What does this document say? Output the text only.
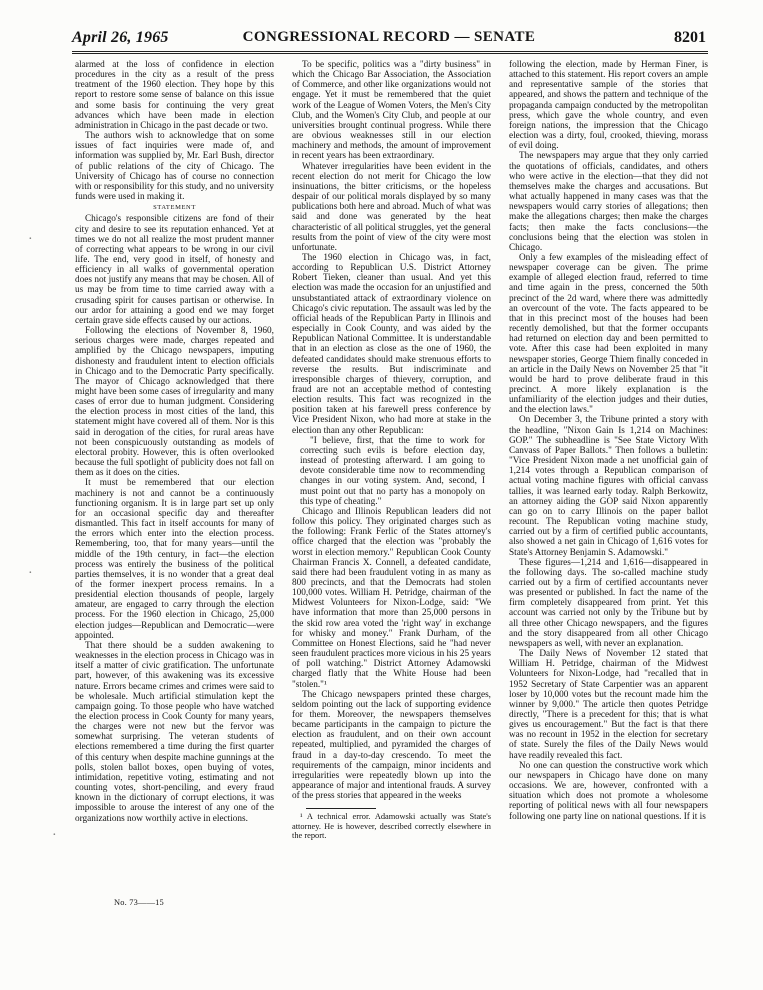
April 26, 1965	CONGRESSIONAL RECORD — SENATE	8201

alarmed at the loss of confidence in election procedures in the city as a result of the press treatment of the 1960 election. They hope by this report to restore some sense of balance on this issue and some basis for continuing the very great advances which have been made in election administration in Chicago in the past decade or two.

The authors wish to acknowledge that on some issues of fact inquiries were made of, and information was supplied by, Mr. Earl Bush, director of public relations of the city of Chicago. The University of Chicago has of course no connection with or responsibility for this study, and no university funds were used in making it.

STATEMENT

Chicago's responsible citizens are fond of their city and desire to see its reputation enhanced. Yet at times we do not all realize the most prudent manner of correcting what appears to be wrong in our civil life. The end, very good in itself, of honesty and efficiency in all walks of governmental operation does not justify any means that may be chosen. All of us may be from time to time carried away with a crusading spirit for causes partisan or otherwise. In our ardor for attaining a good end we may forget certain grave side effects caused by our actions.

Following the elections of November 8, 1960, serious charges were made, charges repeated and amplified by the Chicago newspapers, imputing dishonesty and fraudulent intent to election officials in Chicago and to the Democratic Party specifically. The mayor of Chicago acknowledged that there might have been some cases of irregularity and many cases of error due to human judgment. Considering the election process in most cities of the land, this statement might have covered all of them. Nor is this said in derogation of the cities, for rural areas have not been conspicuously outstanding as models of electoral probity. However, this is often overlooked because the full spotlight of publicity does not fall on them as it does on the cities.

It must be remembered that our election machinery is not and cannot be a continuously functioning organism. It is in large part set up only for an occasional specific day and thereafter dismantled. This fact in itself accounts for many of the errors which enter into the election process. Remembering, too, that for many years—until the middle of the 19th century, in fact—the election process was entirely the business of the political parties themselves, it is no wonder that a great deal of the former inexpert process remains. In a presidential election thousands of people, largely amateur, are engaged to carry through the election process. For the 1960 election in Chicago, 25,000 election judges—Republican and Democratic—were appointed.

That there should be a sudden awakening to weaknesses in the election process in Chicago was in itself a matter of civic gratification. The unfortunate part, however, of this awakening was its excessive nature. Errors became crimes and crimes were said to be wholesale. Much artificial stimulation kept the campaign going. To those people who have watched the election process in Cook County for many years, the charges were not new but the fervor was somewhat surprising. The veteran students of elections remembered a time during the first quarter of this century when despite machine gunnings at the polls, stolen ballot boxes, open buying of votes, intimidation, repetitive voting, estimating and not counting votes, short-penciling, and every fraud known in the dictionary of corrupt elections, it was impossible to arouse the interest of any one of the organizations now worthily active in elections.

To be specific, politics was a "dirty business" in which the Chicago Bar Association, the Association of Commerce, and other like organizations would not engage. Yet it must be remembered that the quiet work of the League of Women Voters, the Men's City Club, and the Women's City Club, and people at our universities brought continual progress. While there are obvious weaknesses still in our election machinery and methods, the amount of improvement in recent years has been extraordinary.

Whatever irregularities have been evident in the recent election do not merit for Chicago the low insinuations, the bitter criticisms, or the hopeless despair of our political morals displayed by so many publications both here and abroad. Much of what was said and done was generated by the heat characteristic of all political struggles, yet the general results from the point of view of the city were most unfortunate.

The 1960 election in Chicago was, in fact, according to Republican U.S. District Attorney Robert Tieken, cleaner than usual. And yet this election was made the occasion for an unjustified and unsubstantiated attack of extraordinary violence on Chicago's civic reputation. The assault was led by the official heads of the Republican Party in Illinois and especially in Cook County, and was aided by the Republican National Committee. It is understandable that in an election as close as the one of 1960, the defeated candidates should make strenuous efforts to reverse the results. But indiscriminate and irresponsible charges of thievery, corruption, and fraud are not an acceptable method of contesting election results. This fact was recognized in the position taken at his farewell press conference by Vice President Nixon, who had more at stake in the election than any other Republican:

"I believe, first, that the time to work for correcting such evils is before election day, instead of protesting afterward. I am going to devote considerable time now to recommending changes in our voting system. And, second, I must point out that no party has a monopoly on this type of cheating."

Chicago and Illinois Republican leaders did not follow this policy. They originated charges such as the following: Frank Ferlic of the States attorney's office charged that the election was "probably the worst in election memory." Republican Cook County Chairman Francis X. Connell, a defeated candidate, said there had been fraudulent voting in as many as 800 precincts, and that the Democrats had stolen 100,000 votes. William H. Petridge, chairman of the Midwest Volunteers for Nixon-Lodge, said: "We have information that more than 25,000 persons in the skid row area voted the 'right way' in exchange for whisky and money." Frank Durham, of the Committee on Honest Elections, said he "had never seen fraudulent practices more vicious in his 25 years of poll watching." District Attorney Adamowski charged flatly that the White House had been "stolen."¹

The Chicago newspapers printed these charges, seldom pointing out the lack of supporting evidence for them. Moreover, the newspapers themselves became participants in the campaign to picture the election as fraudulent, and on their own account repeated, multiplied, and pyramided the charges of fraud in a day-to-day crescendo. To meet the requirements of the campaign, minor incidents and irregularities were repeatedly blown up into the appearance of major and intentional frauds. A survey of the press stories that appeared in the weeks

¹ A technical error. Adamowski actually was State's attorney. He is however, described correctly elsewhere in the report.

following the election, made by Herman Finer, is attached to this statement. His report covers an ample and representative sample of the stories that appeared, and shows the pattern and technique of the propaganda campaign conducted by the metropolitan press, which gave the whole country, and even foreign nations, the impression that the Chicago election was a dirty, foul, crooked, thieving, morass of evil doing.

The newspapers may argue that they only carried the quotations of officials, candidates, and others who were active in the election—that they did not themselves make the charges and accusations. But what actually happened in many cases was that the newspapers would carry stories of allegations; then make the allegations charges; then make the charges facts; then make the facts conclusions—the conclusions being that the election was stolen in Chicago.

Only a few examples of the misleading effect of newspaper coverage can be given. The prime example of alleged election fraud, referred to time and time again in the press, concerned the 50th precinct of the 2d ward, where there was admittedly an overcount of the vote. The facts appeared to be that in this precinct most of the houses had been recently demolished, but that the former occupants had returned on election day and been permitted to vote. After this case had been exploited in many newspaper stories, George Thiem finally conceded in an article in the Daily News on November 25 that "it would be hard to prove deliberate fraud in this precinct. A more likely explanation is the unfamiliarity of the election judges and their duties, and the election laws."

On December 3, the Tribune printed a story with the headline, "Nixon Gain Is 1,214 on Machines: GOP." The subheadline is "See State Victory With Canvass of Paper Ballots." Then follows a bulletin: "Vice President Nixon made a net unofficial gain of 1,214 votes through a Republican comparison of actual voting machine figures with official canvass tallies, it was learned early today. Ralph Berkowitz, an attorney aiding the GOP said Nixon apparently can go on to carry Illinois on the paper ballot recount. The Republican voting machine study, carried out by a firm of certified public accountants, also showed a net gain in Chicago of 1,616 votes for State's Attorney Benjamin S. Adamowski."

These figures—1,214 and 1,616—disappeared in the following days. The so-called machine study carried out by a firm of certified accountants never was presented or published. In fact the name of the firm completely disappeared from print. Yet this account was carried not only by the Tribune but by all three other Chicago newspapers, and the figures and the story disappeared from all other Chicago newspapers as well, with never an explanation.

The Daily News of November 12 stated that William H. Petridge, chairman of the Midwest Volunteers for Nixon-Lodge, had "recalled that in 1952 Secretary of State Carpentier was an apparent loser by 10,000 votes but the recount made him the winner by 9,000." The article then quotes Petridge directly, "There is a precedent for this; that is what gives us encouragement." But the fact is that there was no recount in 1952 in the election for secretary of state. Surely the files of the Daily News would have readily revealed this fact.

No one can question the constructive work which our newspapers in Chicago have done on many occasions. We are, however, confronted with a situation which does not promote a wholesome reporting of political news with all four newspapers following one party line on national questions. If it is

No. 73——15
·
·
·
